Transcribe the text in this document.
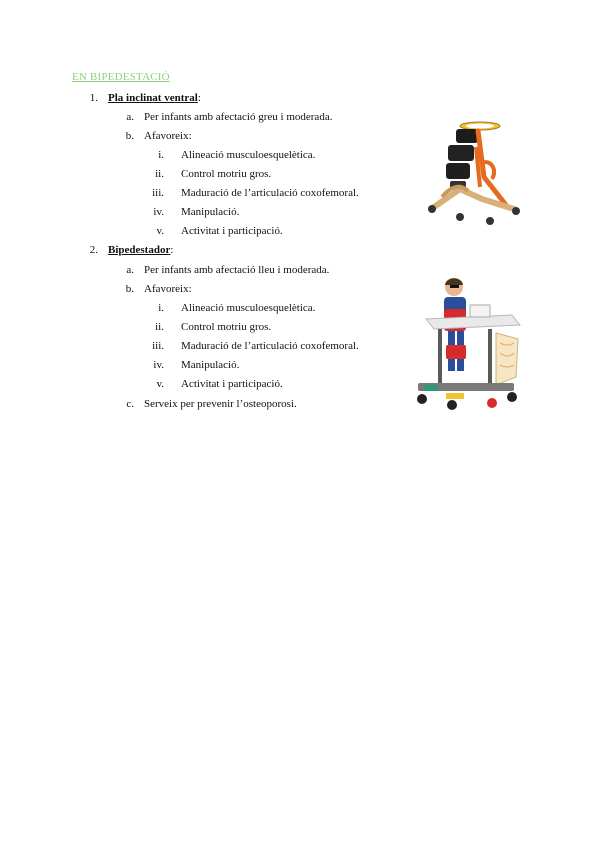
EN BIPEDESTACIÓ
1. Pla inclinat ventral:
a. Per infants amb afectació greu i moderada.
b. Afavoreix:
i. Alineació musculoesquelètica.
ii. Control motriu gros.
iii. Maduració de l’articulació coxofemoral.
iv. Manipulació.
v. Activitat i participació.
2. Bipedestador:
a. Per infants amb afectació lleu i moderada.
b. Afavoreix:
i. Alineació musculoesquelètica.
ii. Control motriu gros.
iii. Maduració de l’articulació coxofemoral.
iv. Manipulació.
v. Activitat i participació.
c. Serveix per prevenir l’osteoporosi.
